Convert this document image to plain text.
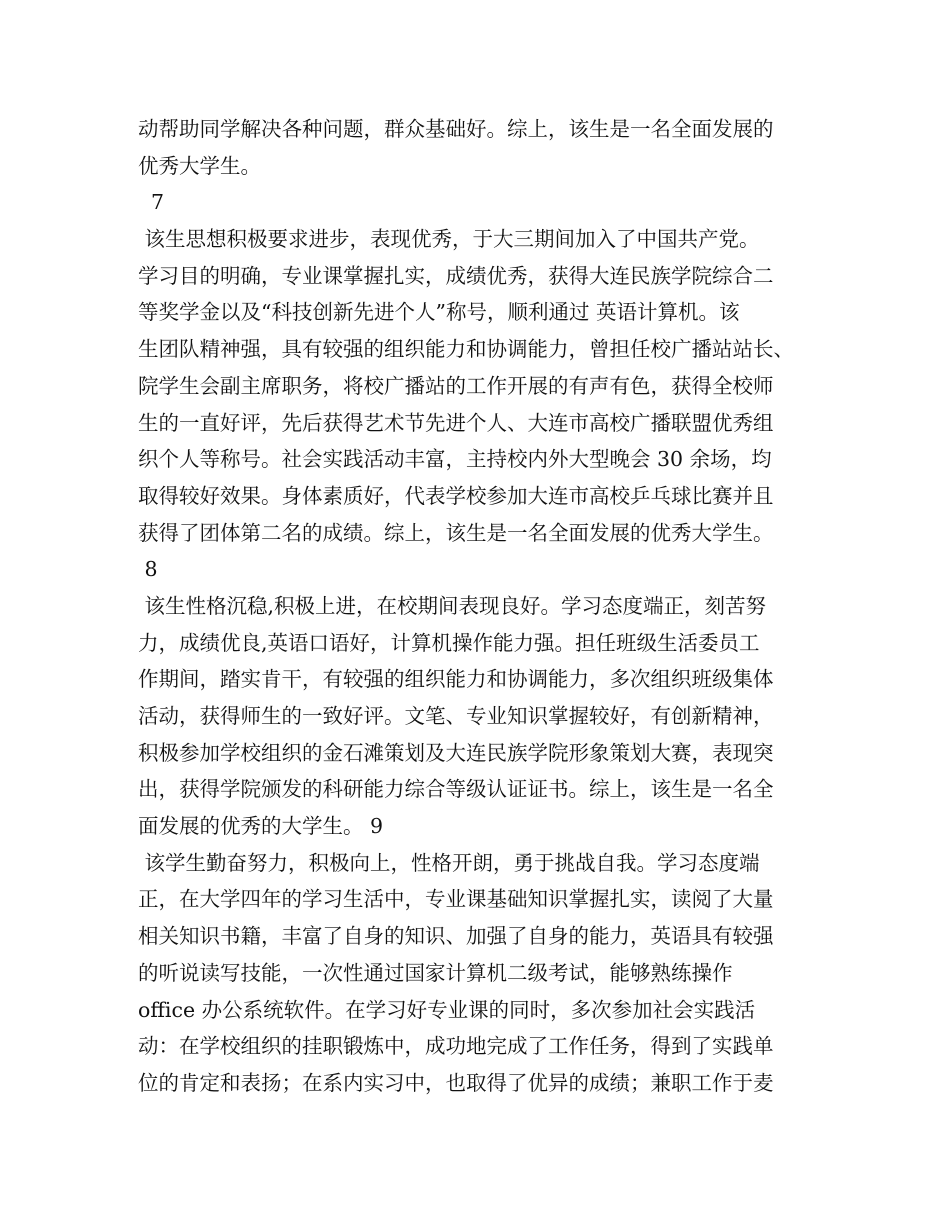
动帮助同学解决各种问题，群众基础好。综上，该生是一名全面发展的
优秀大学生。
7
该生思想积极要求进步，表现优秀，于大三期间加入了中国共产党。
学习目的明确，专业课掌握扎实，成绩优秀，获得大连民族学院综合二
等奖学金以及“科技创新先进个人”称号，顺利通过 英语计算机。该
生团队精神强，具有较强的组织能力和协调能力，曾担任校广播站站长、
院学生会副主席职务，将校广播站的工作开展的有声有色，获得全校师
生的一直好评，先后获得艺术节先进个人、大连市高校广播联盟优秀组
织个人等称号。社会实践活动丰富，主持校内外大型晚会 30 余场，均
取得较好效果。身体素质好，代表学校参加大连市高校乒乓球比赛并且
获得了团体第二名的成绩。综上，该生是一名全面发展的优秀大学生。
8
该生性格沉稳,积极上进，在校期间表现良好。学习态度端正，刻苦努
力，成绩优良,英语口语好，计算机操作能力强。担任班级生活委员工
作期间，踏实肯干，有较强的组织能力和协调能力，多次组织班级集体
活动，获得师生的一致好评。文笔、专业知识掌握较好，有创新精神，
积极参加学校组织的金石滩策划及大连民族学院形象策划大赛，表现突
出，获得学院颁发的科研能力综合等级认证证书。综上，该生是一名全
面发展的优秀的大学生。 9
该学生勤奋努力，积极向上，性格开朗，勇于挑战自我。学习态度端
正，在大学四年的学习生活中，专业课基础知识掌握扎实，读阅了大量
相关知识书籍，丰富了自身的知识、加强了自身的能力，英语具有较强
的听说读写技能，一次性通过国家计算机二级考试，能够熟练操作
office 办公系统软件。在学习好专业课的同时，多次参加社会实践活
动：在学校组织的挂职锻炼中，成功地完成了工作任务，得到了实践单
位的肯定和表扬；在系内实习中，也取得了优异的成绩；兼职工作于麦
